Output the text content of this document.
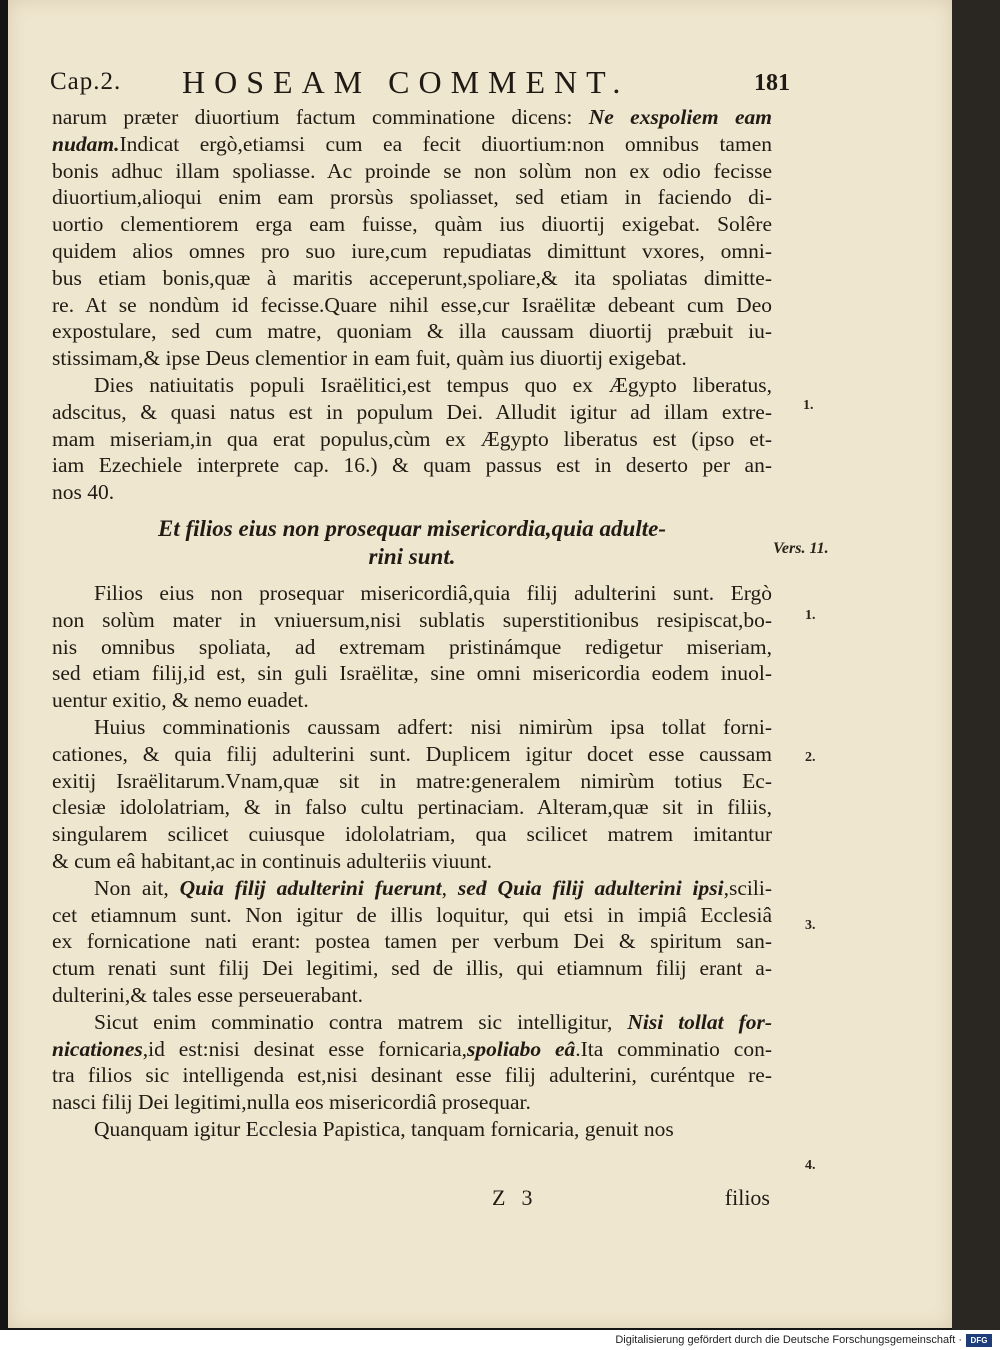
Cap.2. HOSEAM COMMENT.	181

narum præter diuortium factum comminatione dicens: Ne exspoliem eam
nudam.Indicat ergò,etiamsi cum ea fecit diuortium:non omnibus tamen
bonis adhuc illam spoliasse. Ac proinde se non solùm non ex odio fecisse
diuortium,alioqui enim eam prorsùs spoliasset, sed etiam in faciendo di-
uortio clementiorem erga eam fuisse, quàm ius diuortij exigebat. Solêre
quidem alios omnes pro suo iure,cum repudiatas dimittunt vxores, omni-
bus etiam bonis,quæ à maritis acceperunt,spoliare,& ita spoliatas dimitte-
re. At se nondùm id fecisse.Quare nihil esse,cur Israëlitæ debeant cum Deo
expostulare, sed cum matre, quoniam & illa caussam diuortij præbuit iu-
stissimam,& ipse Deus clementior in eam fuit, quàm ius diuortij exigebat.

Dies natiuitatis populi Israëlitici,est tempus quo ex Ægypto liberatus,
adscitus, & quasi natus est in populum Dei. Alludit igitur ad illam extre-
mam miseriam,in qua erat populus,cùm ex Ægypto liberatus est (ipso et-
iam Ezechiele interprete cap. 16.) & quam passus est in deserto per an-
nos 40.

Et filios eius non prosequar misericordia,quia adulte-
rini sunt.

Filios eius non prosequar misericordiâ,quia filij adulterini sunt. Ergò
non solùm mater in vniuersum,nisi sublatis superstitionibus resipiscat,bo-
nis omnibus spoliata, ad extremam pristinámque redigetur miseriam,
sed etiam filij,id est, sin guli Israëlitæ, sine omni misericordia eodem inuol-
uentur exitio, & nemo euadet.

Huius comminationis caussam adfert: nisi nimirùm ipsa tollat forni-
cationes, & quia filij adulterini sunt. Duplicem igitur docet esse caussam
exitij Israëlitarum.Vnam,quæ sit in matre:generalem nimirùm totius Ec-
clesiæ idololatriam, & in falso cultu pertinaciam. Alteram,quæ sit in filiis,
singularem scilicet cuiusque idololatriam, qua scilicet matrem imitantur
& cum eâ habitant,ac in continuis adulteriis viuunt.

Non ait, Quia filij adulterini fuerunt, sed Quia filij adulterini ipsi,scili-
cet etiamnum sunt. Non igitur de illis loquitur, qui etsi in impiâ Ecclesiâ
ex fornicatione nati erant: postea tamen per verbum Dei & spiritum san-
ctum renati sunt filij Dei legitimi, sed de illis, qui etiamnum filij erant a-
dulterini,& tales esse perseuerabant.

Sicut enim comminatio contra matrem sic intelligitur, Nisi tollat for-
nicationes,id est:nisi desinat esse fornicaria,spoliabo eâ.Ita comminatio con-
tra filios sic intelligenda est,nisi desinant esse filij adulterini, curéntque re-
nasci filij Dei legitimi,nulla eos misericordiâ prosequar.

Quanquam igitur Ecclesia Papistica, tanquam fornicaria, genuit nos

1.
Vers. 11.
1.
2.
3.
4.
Z 3	filios
Digitalisierung gefördert durch die Deutsche Forschungsgemeinschaft ·	DFG
